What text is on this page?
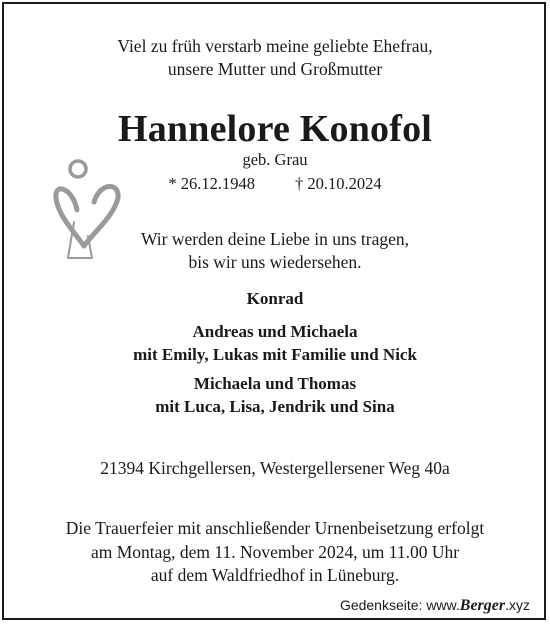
Viel zu früh verstarb meine geliebte Ehefrau,
unsere Mutter und Großmutter
Hannelore Konofol
geb. Grau
* 26.12.1948 † 20.10.2024
Wir werden deine Liebe in uns tragen,
bis wir uns wiedersehen.
Konrad
Andreas und Michaela
mit Emily, Lukas mit Familie und Nick
Michaela und Thomas
mit Luca, Lisa, Jendrik und Sina
21394 Kirchgellersen, Westergellersener Weg 40a
Die Trauerfeier mit anschließender Urnenbeisetzung erfolgt
am Montag, dem 11. November 2024, um 11.00 Uhr
auf dem Waldfriedhof in Lüneburg.
Gedenkseite: www.Berger.xyz
